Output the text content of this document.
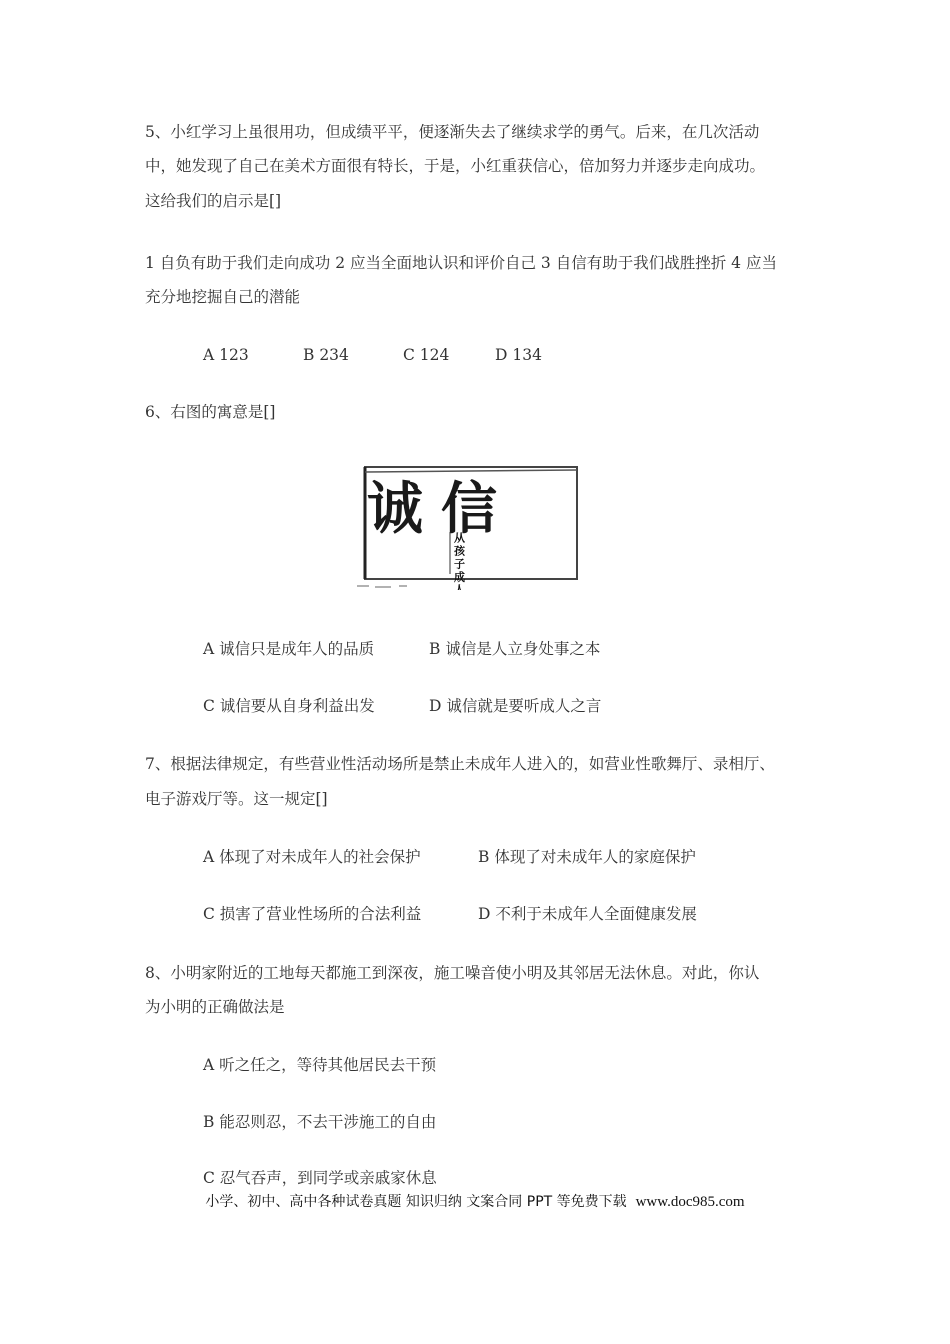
5、小红学习上虽很用功，但成绩平平，便逐渐失去了继续求学的勇气。后来，在几次活动
中，她发现了自己在美术方面很有特长，于是，小红重获信心，倍加努力并逐步走向成功。
这给我们的启示是[]
1 自负有助于我们走向成功 2 应当全面地认识和评价自己 3 自信有助于我们战胜挫折 4 应当
充分地挖掘自己的潜能
A 123	B 234	C 124	D 134
6、右图的寓意是[]
诚信
从孩子成人
A 诚信只是成年人的品质	B 诚信是人立身处事之本
C 诚信要从自身利益出发	D 诚信就是要听成人之言
7、根据法律规定，有些营业性活动场所是禁止未成年人进入的，如营业性歌舞厅、录相厅、
电子游戏厅等。这一规定[]
A 体现了对未成年人的社会保护	B 体现了对未成年人的家庭保护
C 损害了营业性场所的合法利益	D 不利于未成年人全面健康发展
8、小明家附近的工地每天都施工到深夜，施工噪音使小明及其邻居无法休息。对此，你认
为小明的正确做法是
A 听之任之，等待其他居民去干预
B 能忍则忍，不去干涉施工的自由
C 忍气吞声，到同学或亲戚家休息
小学、初中、高中各种试卷真题 知识归纳 文案合同 PPT 等免费下载 www.doc985.com
